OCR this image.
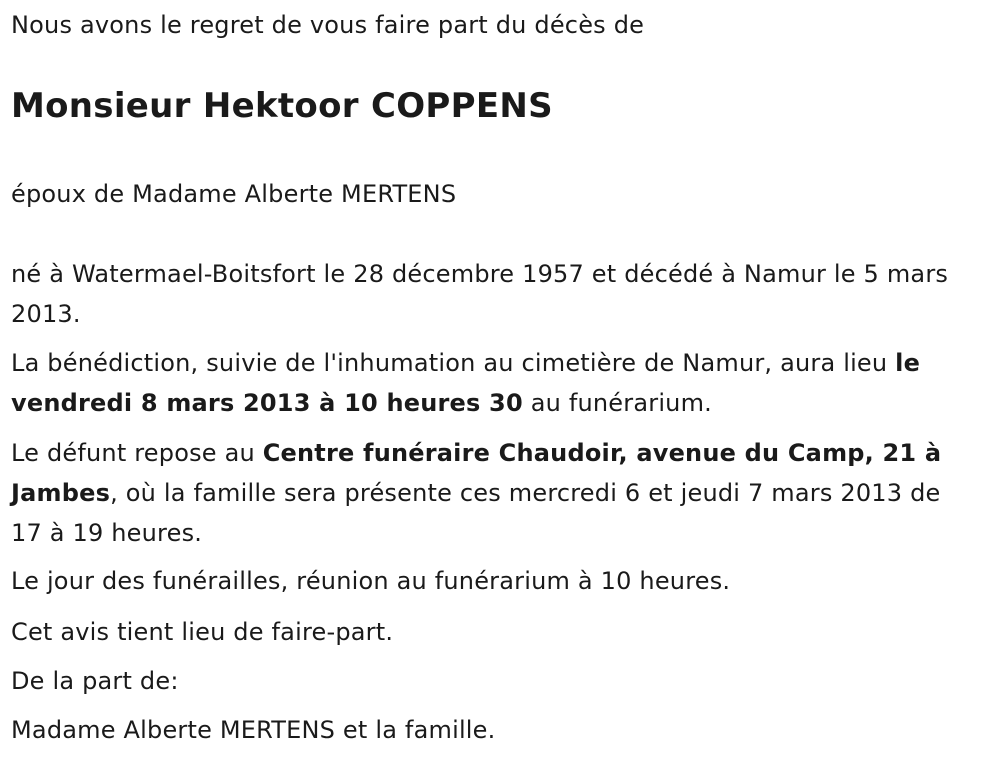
Nous avons le regret de vous faire part du décès de

Monsieur Hektoor COPPENS

époux de Madame Alberte MERTENS

né à Watermael-Boitsfort le 28 décembre 1957 et décédé à Namur le 5 mars 2013.

La bénédiction, suivie de l'inhumation au cimetière de Namur, aura lieu le vendredi 8 mars 2013 à 10 heures 30 au funérarium.

Le défunt repose au Centre funéraire Chaudoir, avenue du Camp, 21 à Jambes, où la famille sera présente ces mercredi 6 et jeudi 7 mars 2013 de 17 à 19 heures.

Le jour des funérailles, réunion au funérarium à 10 heures.

Cet avis tient lieu de faire-part.

De la part de:

Madame Alberte MERTENS et la famille.
